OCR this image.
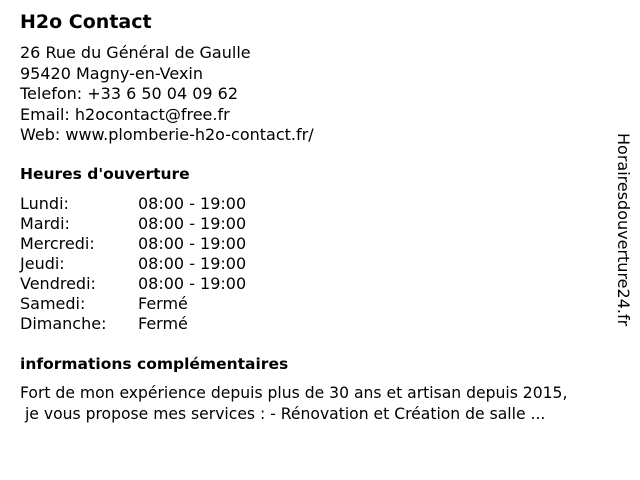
H2o Contact
26 Rue du Général de Gaulle
95420 Magny-en-Vexin
Telefon: +33 6 50 04 09 62
Email: h2ocontact@free.fr
Web: www.plomberie-h2o-contact.fr/
Heures d'ouverture
Lundi:	08:00 - 19:00
Mardi:	08:00 - 19:00
Mercredi:	08:00 - 19:00
Jeudi:	08:00 - 19:00
Vendredi:	08:00 - 19:00
Samedi:	Fermé
Dimanche:	Fermé
informations complémentaires
Fort de mon expérience depuis plus de 30 ans et artisan depuis 2015,
je vous propose mes services : - Rénovation et Création de salle ...
Horairesdouverture24.fr
